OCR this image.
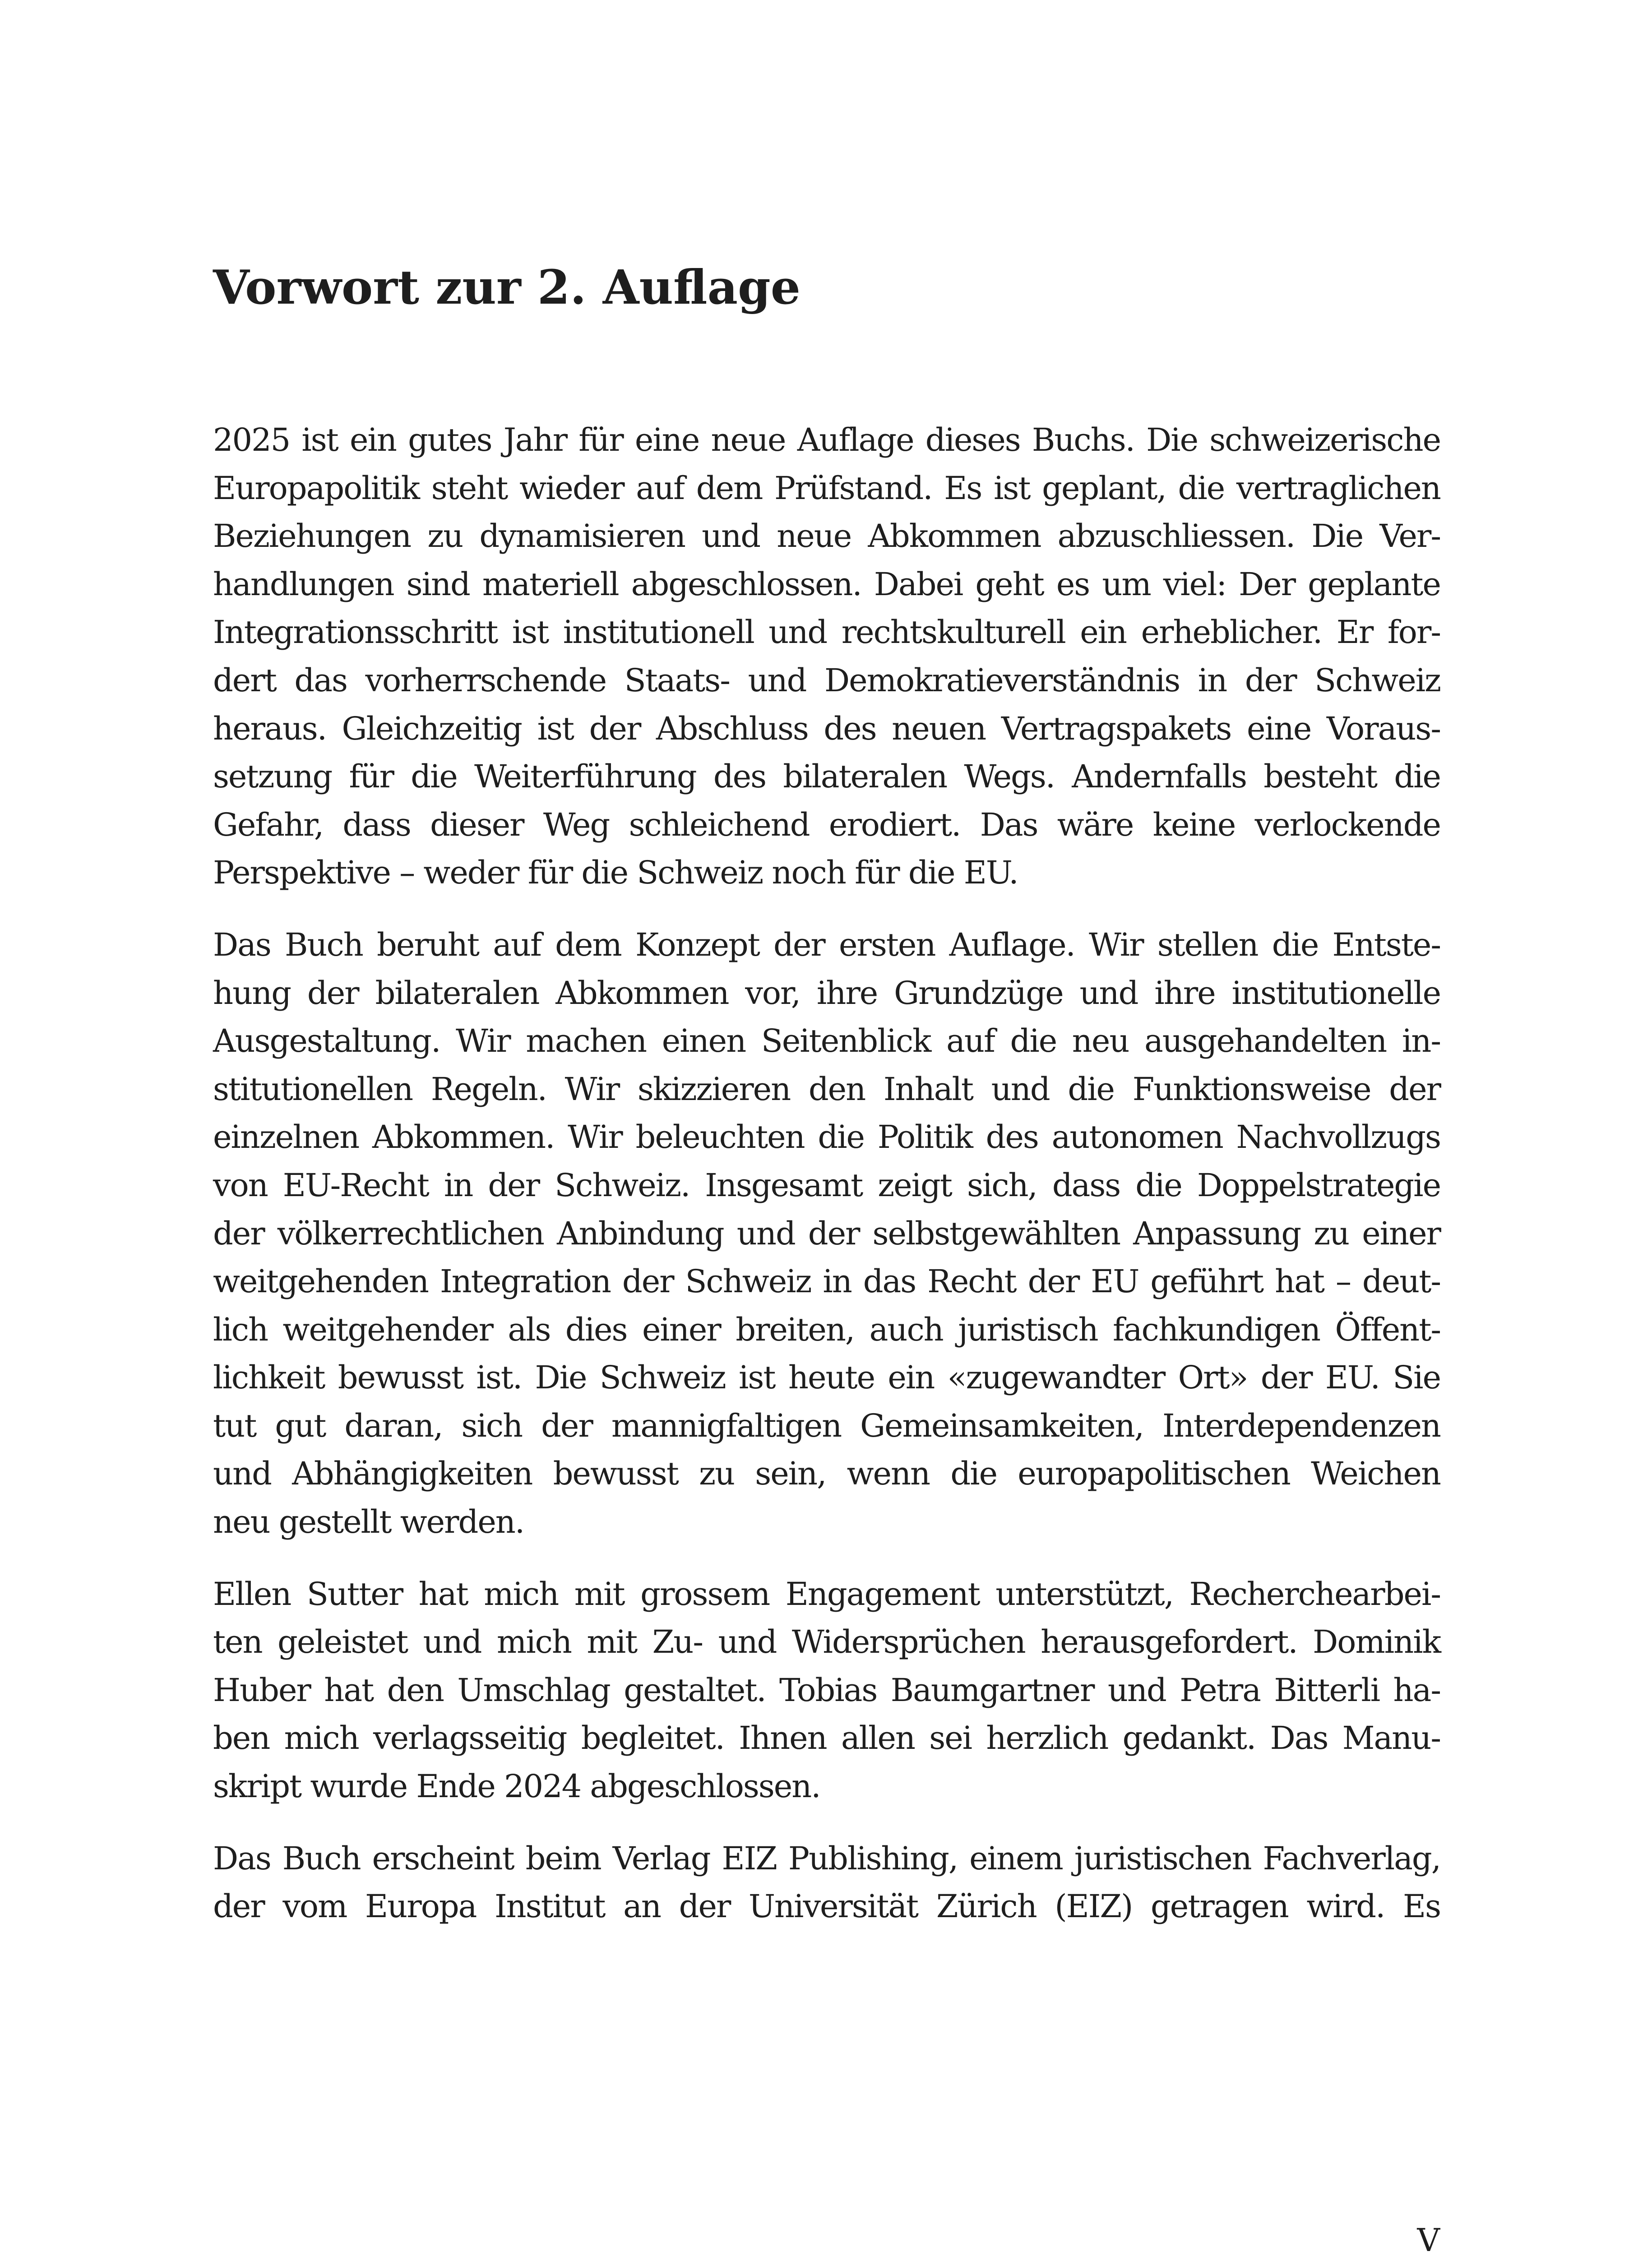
Vorwort zur 2. Auflage
2025 ist ein gutes Jahr für eine neue Auflage dieses Buchs. Die schweizerische
Europapolitik steht wieder auf dem Prüfstand. Es ist geplant, die vertraglichen
Beziehungen zu dynamisieren und neue Abkommen abzuschliessen. Die Ver-
handlungen sind materiell abgeschlossen. Dabei geht es um viel: Der geplante
Integrationsschritt ist institutionell und rechtskulturell ein erheblicher. Er for-
dert das vorherrschende Staats- und Demokratieverständnis in der Schweiz
heraus. Gleichzeitig ist der Abschluss des neuen Vertragspakets eine Voraus-
setzung für die Weiterführung des bilateralen Wegs. Andernfalls besteht die
Gefahr, dass dieser Weg schleichend erodiert. Das wäre keine verlockende
Perspektive – weder für die Schweiz noch für die EU.
Das Buch beruht auf dem Konzept der ersten Auflage. Wir stellen die Entste-
hung der bilateralen Abkommen vor, ihre Grundzüge und ihre institutionelle
Ausgestaltung. Wir machen einen Seitenblick auf die neu ausgehandelten in-
stitutionellen Regeln. Wir skizzieren den Inhalt und die Funktionsweise der
einzelnen Abkommen. Wir beleuchten die Politik des autonomen Nachvollzugs
von EU-Recht in der Schweiz. Insgesamt zeigt sich, dass die Doppelstrategie
der völkerrechtlichen Anbindung und der selbstgewählten Anpassung zu einer
weitgehenden Integration der Schweiz in das Recht der EU geführt hat – deut-
lich weitgehender als dies einer breiten, auch juristisch fachkundigen Öffent-
lichkeit bewusst ist. Die Schweiz ist heute ein «zugewandter Ort» der EU. Sie
tut gut daran, sich der mannigfaltigen Gemeinsamkeiten, Interdependenzen
und Abhängigkeiten bewusst zu sein, wenn die europapolitischen Weichen
neu gestellt werden.
Ellen Sutter hat mich mit grossem Engagement unterstützt, Recherchearbei-
ten geleistet und mich mit Zu- und Widersprüchen herausgefordert. Dominik
Huber hat den Umschlag gestaltet. Tobias Baumgartner und Petra Bitterli ha-
ben mich verlagsseitig begleitet. Ihnen allen sei herzlich gedankt. Das Manu-
skript wurde Ende 2024 abgeschlossen.
Das Buch erscheint beim Verlag EIZ Publishing, einem juristischen Fachverlag,
der vom Europa Institut an der Universität Zürich (EIZ) getragen wird. Es
V
